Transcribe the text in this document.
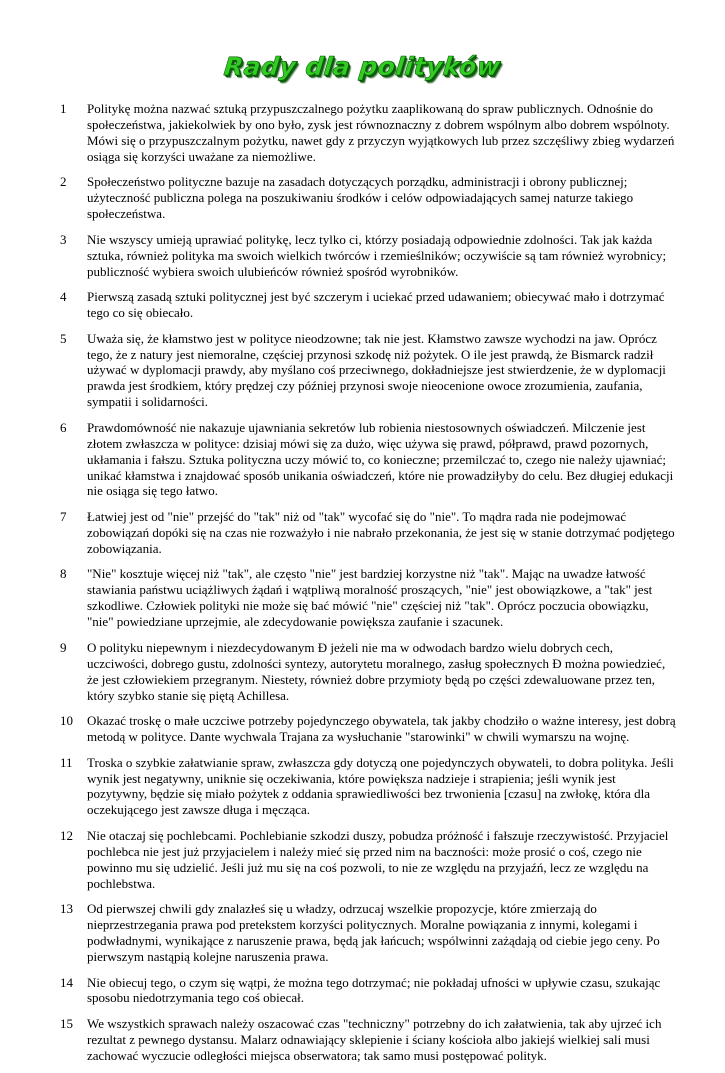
Rady dla polityków
1	Politykę można nazwać sztuką przypuszczalnego pożytku zaaplikowaną do spraw publicznych. Odnośnie do społeczeństwa, jakiekolwiek by ono było, zysk jest równoznaczny z dobrem wspólnym albo dobrem wspólnoty. Mówi się o przypuszczalnym pożytku, nawet gdy z przyczyn wyjątkowych lub przez szczęśliwy zbieg wydarzeń osiąga się korzyści uważane za niemożliwe.
2	Społeczeństwo polityczne bazuje na zasadach dotyczących porządku, administracji i obrony publicznej; użyteczność publiczna polega na poszukiwaniu środków i celów odpowiadających samej naturze takiego społeczeństwa.
3	Nie wszyscy umieją uprawiać politykę, lecz tylko ci, którzy posiadają odpowiednie zdolności. Tak jak każda sztuka, również polityka ma swoich wielkich twórców i rzemieślników; oczywiście są tam również wyrobnicy; publiczność wybiera swoich ulubieńców również spośród wyrobników.
4	Pierwszą zasadą sztuki politycznej jest być szczerym i uciekać przed udawaniem; obiecywać mało i dotrzymać tego co się obiecało.
5	Uważa się, że kłamstwo jest w polityce nieodzowne; tak nie jest. Kłamstwo zawsze wychodzi na jaw. Oprócz tego, że z natury jest niemoralne, częściej przynosi szkodę niż pożytek. O ile jest prawdą, że Bismarck radził używać w dyplomacji prawdy, aby myślano coś przeciwnego, dokładniejsze jest stwierdzenie, że w dyplomacji prawda jest środkiem, który prędzej czy później przynosi swoje nieocenione owoce zrozumienia, zaufania, sympatii i solidarności.
6	Prawdomówność nie nakazuje ujawniania sekretów lub robienia niestosownych oświadczeń. Milczenie jest złotem zwłaszcza w polityce: dzisiaj mówi się za dużo, więc używa się prawd, półprawd, prawd pozornych, ukłamania i fałszu. Sztuka polityczna uczy mówić to, co konieczne; przemilczać to, czego nie należy ujawniać; unikać kłamstwa i znajdować sposób unikania oświadczeń, które nie prowadziłyby do celu. Bez długiej edukacji nie osiąga się tego łatwo.
7	Łatwiej jest od "nie" przejść do "tak" niż od "tak" wycofać się do "nie". To mądra rada nie podejmować zobowiązań dopóki się na czas nie rozważyło i nie nabrało przekonania, że jest się w stanie dotrzymać podjętego zobowiązania.
8	"Nie" kosztuje więcej niż "tak", ale często "nie" jest bardziej korzystne niż "tak". Mając na uwadze łatwość stawiania państwu uciążliwych żądań i wątpliwą moralność proszących, "nie" jest obowiązkowe, a "tak" jest szkodliwe. Człowiek polityki nie może się bać mówić "nie" częściej niż "tak". Oprócz poczucia obowiązku, "nie" powiedziane uprzejmie, ale zdecydowanie powiększa zaufanie i szacunek.
9	O polityku niepewnym i niezdecydowanym Ð jeżeli nie ma w odwodach bardzo wielu dobrych cech, uczciwości, dobrego gustu, zdolności syntezy, autorytetu moralnego, zasług społecznych Ð można powiedzieć, że jest człowiekiem przegranym. Niestety, również dobre przymioty będą po części zdewaluowane przez ten, który szybko stanie się piętą Achillesa.
10	Okazać troskę o małe uczciwe potrzeby pojedynczego obywatela, tak jakby chodziło o ważne interesy, jest dobrą metodą w polityce. Dante wychwala Trajana za wysłuchanie "starowinki" w chwili wymarszu na wojnę.
11	Troska o szybkie załatwianie spraw, zwłaszcza gdy dotyczą one pojedynczych obywateli, to dobra polityka. Jeśli wynik jest negatywny, uniknie się oczekiwania, które powiększa nadzieje i strapienia; jeśli wynik jest pozytywny, będzie się miało pożytek z oddania sprawiedliwości bez trwonienia [czasu] na zwłokę, która dla oczekującego jest zawsze długa i męcząca.
12	Nie otaczaj się pochlebcami. Pochlebianie szkodzi duszy, pobudza próżność i fałszuje rzeczywistość. Przyjaciel pochlebca nie jest już przyjacielem i należy mieć się przed nim na baczności: może prosić o coś, czego nie powinno mu się udzielić. Jeśli już mu się na coś pozwoli, to nie ze względu na przyjaźń, lecz ze względu na pochlebstwa.
13	Od pierwszej chwili gdy znalazłeś się u władzy, odrzucaj wszelkie propozycje, które zmierzają do nieprzestrzegania prawa pod pretekstem korzyści politycznych. Moralne powiązania z innymi, kolegami i podwładnymi, wynikające z naruszenie prawa, będą jak łańcuch; wspólwinni zażądają od ciebie jego ceny. Po pierwszym nastąpią kolejne naruszenia prawa.
14	Nie obiecuj tego, o czym się wątpi, że można tego dotrzymać; nie pokładaj ufności w upływie czasu, szukając sposobu niedotrzymania tego coś obiecał.
15	We wszystkich sprawach należy oszacować czas "techniczny" potrzebny do ich załatwienia, tak aby ujrzeć ich rezultat z pewnego dystansu. Malarz odnawiający sklepienie i ściany kościoła albo jakiejś wielkiej sali musi zachować wyczucie odległości miejsca obserwatora; tak samo musi postępować polityk.
